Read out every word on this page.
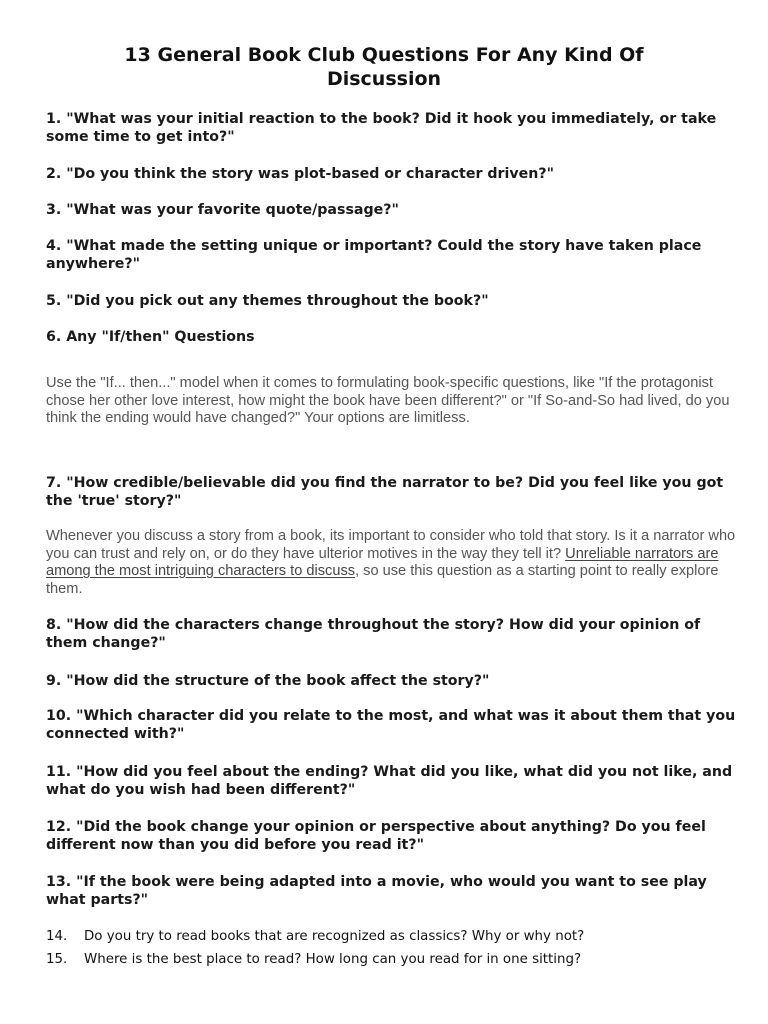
13 General Book Club Questions For Any Kind Of Discussion

1. "What was your initial reaction to the book? Did it hook you immediately, or take some time to get into?"

2. "Do you think the story was plot-based or character driven?"

3. "What was your favorite quote/passage?"

4. "What made the setting unique or important? Could the story have taken place anywhere?"

5. "Did you pick out any themes throughout the book?"

6. Any "If/then" Questions

Use the "If... then..." model when it comes to formulating book-specific questions, like "If the protagonist chose her other love interest, how might the book have been different?" or "If So-and-So had lived, do you think the ending would have changed?" Your options are limitless.

7. "How credible/believable did you find the narrator to be? Did you feel like you got the 'true' story?"

Whenever you discuss a story from a book, its important to consider who told that story. Is it a narrator who you can trust and rely on, or do they have ulterior motives in the way they tell it? Unreliable narrators are among the most intriguing characters to discuss, so use this question as a starting point to really explore them.

8. "How did the characters change throughout the story? How did your opinion of them change?"

9. "How did the structure of the book affect the story?"

10. "Which character did you relate to the most, and what was it about them that you connected with?"

11. "How did you feel about the ending? What did you like, what did you not like, and what do you wish had been different?"

12. "Did the book change your opinion or perspective about anything? Do you feel different now than you did before you read it?"

13. "If the book were being adapted into a movie, who would you want to see play what parts?"

14. Do you try to read books that are recognized as classics? Why or why not?

15. Where is the best place to read? How long can you read for in one sitting?
